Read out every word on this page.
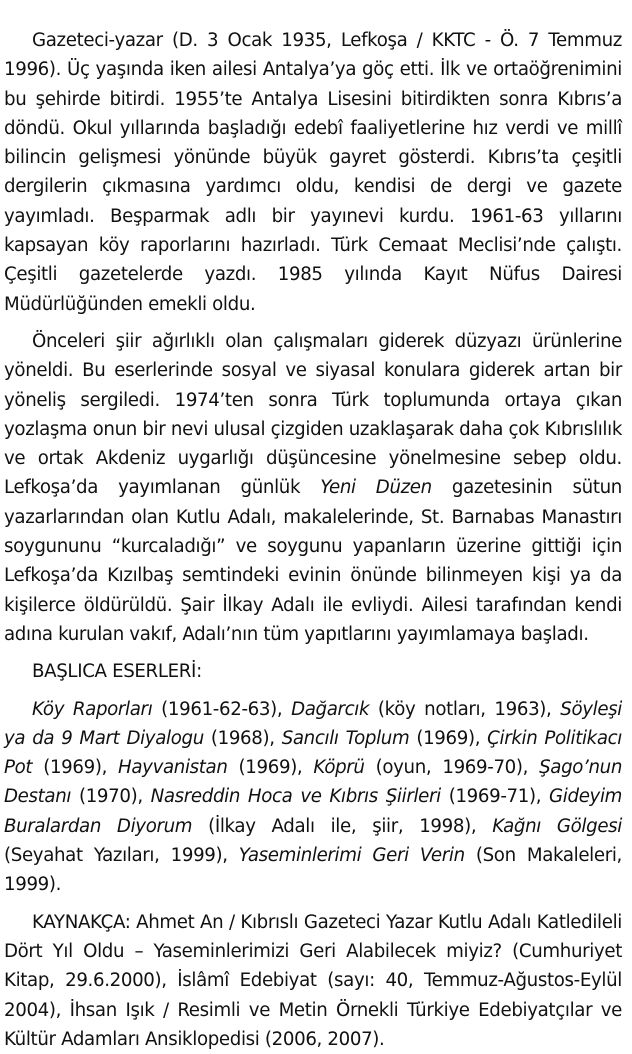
Gazeteci-yazar (D. 3 Ocak 1935, Lefkoşa / KKTC - Ö. 7 Temmuz 1996). Üç yaşında iken ailesi Antalya’ya göç etti. İlk ve ortaöğrenimini bu şehirde bitirdi. 1955’te Antalya Lisesini bitirdikten sonra Kıbrıs’a döndü. Okul yıllarında başladığı edebî faaliyetlerine hız verdi ve millî bilincin gelişmesi yönünde büyük gayret gösterdi. Kıbrıs’ta çeşitli dergilerin çıkmasına yardımcı oldu, kendisi de dergi ve gazete yayımladı. Beşparmak adlı bir yayınevi kurdu. 1961-63 yıllarını kapsayan köy raporlarını hazırladı. Türk Cemaat Meclisi’nde çalıştı. Çeşitli gazetelerde yazdı. 1985 yılında Kayıt Nüfus Dairesi Müdürlüğünden emekli oldu.

Önceleri şiir ağırlıklı olan çalışmaları giderek düzyazı ürünlerine yöneldi. Bu eserlerinde sosyal ve siyasal konulara giderek artan bir yöneliş sergiledi. 1974’ten sonra Türk toplumunda ortaya çıkan yozlaşma onun bir nevi ulusal çizgiden uzaklaşarak daha çok Kıbrıslılık ve ortak Akdeniz uygarlığı düşüncesine yönelmesine sebep oldu. Lefkoşa’da yayımlanan günlük Yeni Düzen gazetesinin sütun yazarlarından olan Kutlu Adalı, makalelerinde, St. Barnabas Manastırı soygununu “kurcaladığı” ve soygunu yapanların üzerine gittiği için Lefkoşa’da Kızılbaş semtindeki evinin önünde bilinmeyen kişi ya da kişilerce öldürüldü. Şair İlkay Adalı ile evliydi. Ailesi tarafından kendi adına kurulan vakıf, Adalı’nın tüm yapıtlarını yayımlamaya başladı.

BAŞLICA ESERLERİ:

Köy Raporları (1961-62-63), Dağarcık (köy notları, 1963), Söyleşi ya da 9 Mart Diyalogu (1968), Sancılı Toplum (1969), Çirkin Politikacı Pot (1969), Hayvanistan (1969), Köprü (oyun, 1969-70), Şago’nun Destanı (1970), Nasreddin Hoca ve Kıbrıs Şiirleri (1969-71), Gideyim Buralardan Diyorum (İlkay Adalı ile, şiir, 1998), Kağnı Gölgesi (Seyahat Yazıları, 1999), Yaseminlerimi Geri Verin (Son Makaleleri, 1999).

KAYNAKÇA: Ahmet An / Kıbrıslı Gazeteci Yazar Kutlu Adalı Katledileli Dört Yıl Oldu – Yaseminlerimizi Geri Alabilecek miyiz? (Cumhuriyet Kitap, 29.6.2000), İslâmî Edebiyat (sayı: 40, Temmuz-Ağustos-Eylül 2004), İhsan Işık / Resimli ve Metin Örnekli Türkiye Edebiyatçılar ve Kültür Adamları Ansiklopedisi (2006, 2007).
